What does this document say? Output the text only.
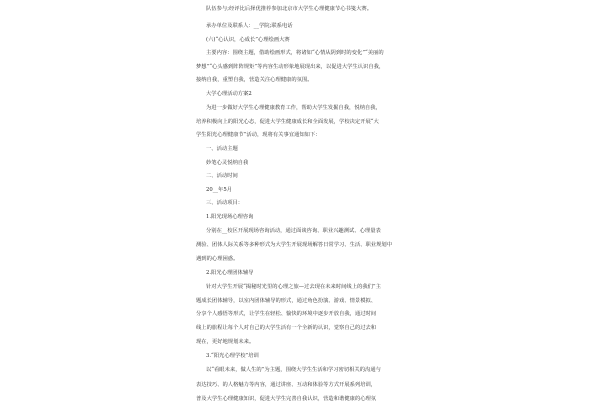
队伍参与;经评比后择优推荐参加北京市大学生心理健康节心书笺大赛。
承办单位及联系人：__学院;联系电话
(六)“心认识，心成长”心理绘画大赛
主要内容：围绕主题，借助绘画形式，将诸如“心情从阴到时的变化”“美丽的
梦想”“心头感到阵阵规矩”等内容生动形象地展现出来，以促进大学生认识自我，
接纳自我，重塑自我，营造关注心理健康的氛围。
大学心理活动方案2
为进一步做好大学生心理健康教育工作，帮助大学生发掘自我，悦纳自我，
培养积极向上的阳光心态，促进大学生健康成长和全面发展，学校决定开展“大
学生阳光心理健康节”活动，现将有关事宜通知如下：
一、活动主题
妙笔心灵悦纳自我
二、活动时间
20__年5月
三、活动项目：
1.阳光现场心理咨询
分别在__校区开展现场咨询活动，通过面谈咨询、职业兴趣测试、心理量表
测验、团体人际关系等多种形式为大学生开展现场解答日常学习、生活、职业规划中
遇到的心理困惑。
2.阳光心理团体辅导
针对大学生开展“揭秘时光里的心理之旅—过去现在未来时间线上的我们”主
题成长团体辅导，以室内团体辅导的形式，通过角色扮演、游戏、情景模拟、
分享个人感悟等形式，让学生在轻松、愉快的环境中逐步开放自我，通过时间
线上的旅程让每个人对自己的大学生活有一个全新的认识，觉察自己的过去和
现在，更好地规划未来。
3.“阳光心理学校”培训
以“看眼未来，做人生的”为主题，围绕大学生生活和学习密切相关的沟通与
表达技巧、的人格魅力等内容，通过讲座、互动和体验等方式开展系列培训，
普及大学生心理健康知识，促进大学生完善自我认识，营造和谐健康的心理氛
